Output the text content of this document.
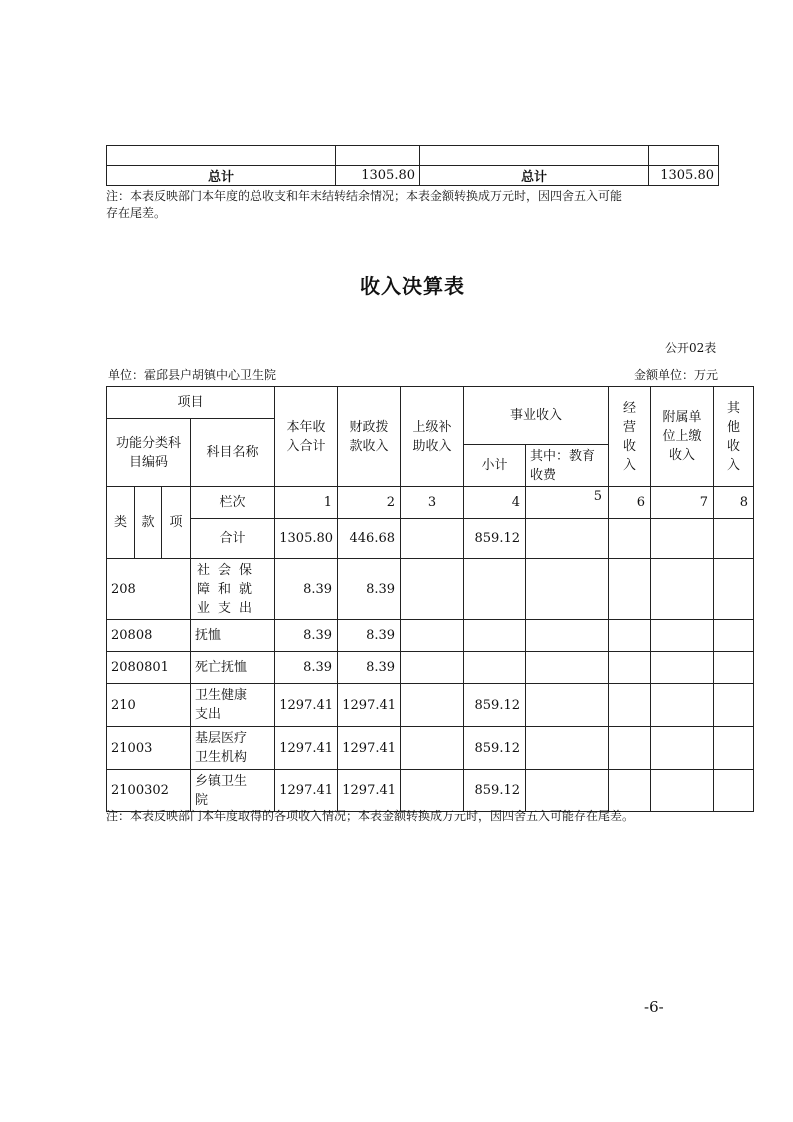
总计	1305.80	总计	1305.80
注：本表反映部门本年度的总收支和年末结转结余情况；本表金额转换成万元时，因四舍五入可能
存在尾差。
收入决算表
公开02表
单位：霍邱县户胡镇中心卫生院	金额单位：万元
项目				本年收入合计	财政拨款收入	上级补助收入	事业收入		经营收入	附属单位上缴收入	其他收入
功能分类科目编码			科目名称								
							小计	其中：教育收费			
类	款	项	栏次	1	2	3	4	5	6	7	8
			合计	1305.80	446.68		859.12				
208			社会保障和就业支出	8.39	8.39						
20808			抚恤	8.39	8.39						
2080801			死亡抚恤	8.39	8.39						
210			卫生健康支出	1297.41	1297.41		859.12				
21003			基层医疗卫生机构	1297.41	1297.41		859.12				
2100302			乡镇卫生院	1297.41	1297.41		859.12				
注：本表反映部门本年度取得的各项收入情况；本表金额转换成万元时，因四舍五入可能存在尾差。
-6-
